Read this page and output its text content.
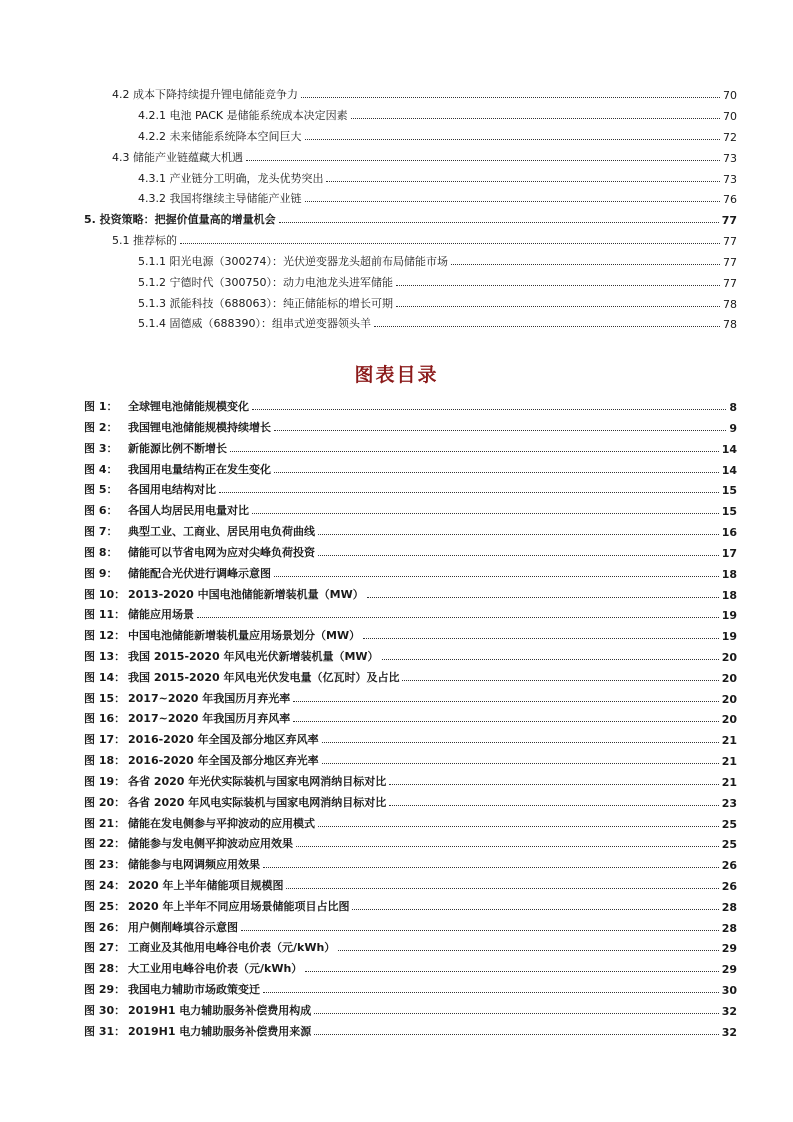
4.2 成本下降持续提升锂电储能竞争力	70
4.2.1 电池 PACK 是储能系统成本决定因素	70
4.2.2 未来储能系统降本空间巨大	72
4.3 储能产业链蕴藏大机遇	73
4.3.1 产业链分工明确，龙头优势突出	73
4.3.2 我国将继续主导储能产业链	76
5. 投资策略：把握价值量高的增量机会	77
5.1 推荐标的	77
5.1.1 阳光电源（300274）：光伏逆变器龙头超前布局储能市场	77
5.1.2 宁德时代（300750）：动力电池龙头进军储能	77
5.1.3 派能科技（688063）：纯正储能标的增长可期	78
5.1.4 固德威（688390）：组串式逆变器领头羊	78
图表目录
图 1： 全球锂电池储能规模变化	8
图 2： 我国锂电池储能规模持续增长	9
图 3： 新能源比例不断增长	14
图 4： 我国用电量结构正在发生变化	14
图 5： 各国用电结构对比	15
图 6： 各国人均居民用电量对比	15
图 7： 典型工业、工商业、居民用电负荷曲线	16
图 8： 储能可以节省电网为应对尖峰负荷投资	17
图 9： 储能配合光伏进行调峰示意图	18
图 10： 2013-2020 中国电池储能新增装机量（MW）	18
图 11： 储能应用场景	19
图 12： 中国电池储能新增装机量应用场景划分（MW）	19
图 13： 我国 2015-2020 年风电光伏新增装机量（MW）	20
图 14： 我国 2015-2020 年风电光伏发电量（亿瓦时）及占比	20
图 15： 2017~2020 年我国历月弃光率	20
图 16： 2017~2020 年我国历月弃风率	20
图 17： 2016-2020 年全国及部分地区弃风率	21
图 18： 2016-2020 年全国及部分地区弃光率	21
图 19： 各省 2020 年光伏实际装机与国家电网消纳目标对比	21
图 20： 各省 2020 年风电实际装机与国家电网消纳目标对比	23
图 21： 储能在发电侧参与平抑波动的应用模式	25
图 22： 储能参与发电侧平抑波动应用效果	25
图 23： 储能参与电网调频应用效果	26
图 24： 2020 年上半年储能项目规模图	26
图 25： 2020 年上半年不同应用场景储能项目占比图	28
图 26： 用户侧削峰填谷示意图	28
图 27： 工商业及其他用电峰谷电价表（元/kWh）	29
图 28： 大工业用电峰谷电价表（元/kWh）	29
图 29： 我国电力辅助市场政策变迁	30
图 30： 2019H1 电力辅助服务补偿费用构成	32
图 31： 2019H1 电力辅助服务补偿费用来源	32
